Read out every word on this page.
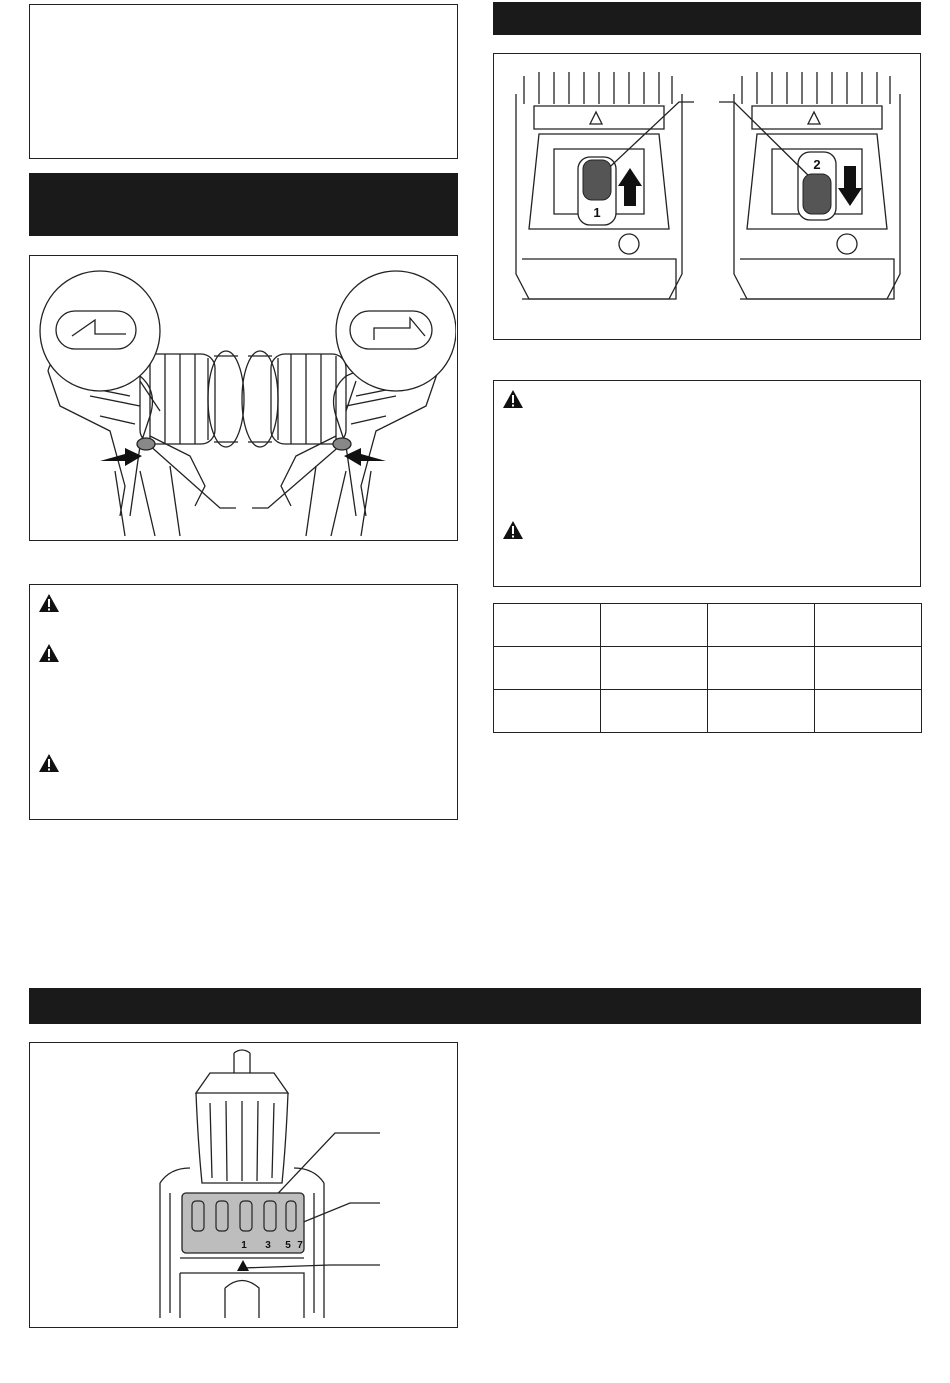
1
2

1 3 5 7
